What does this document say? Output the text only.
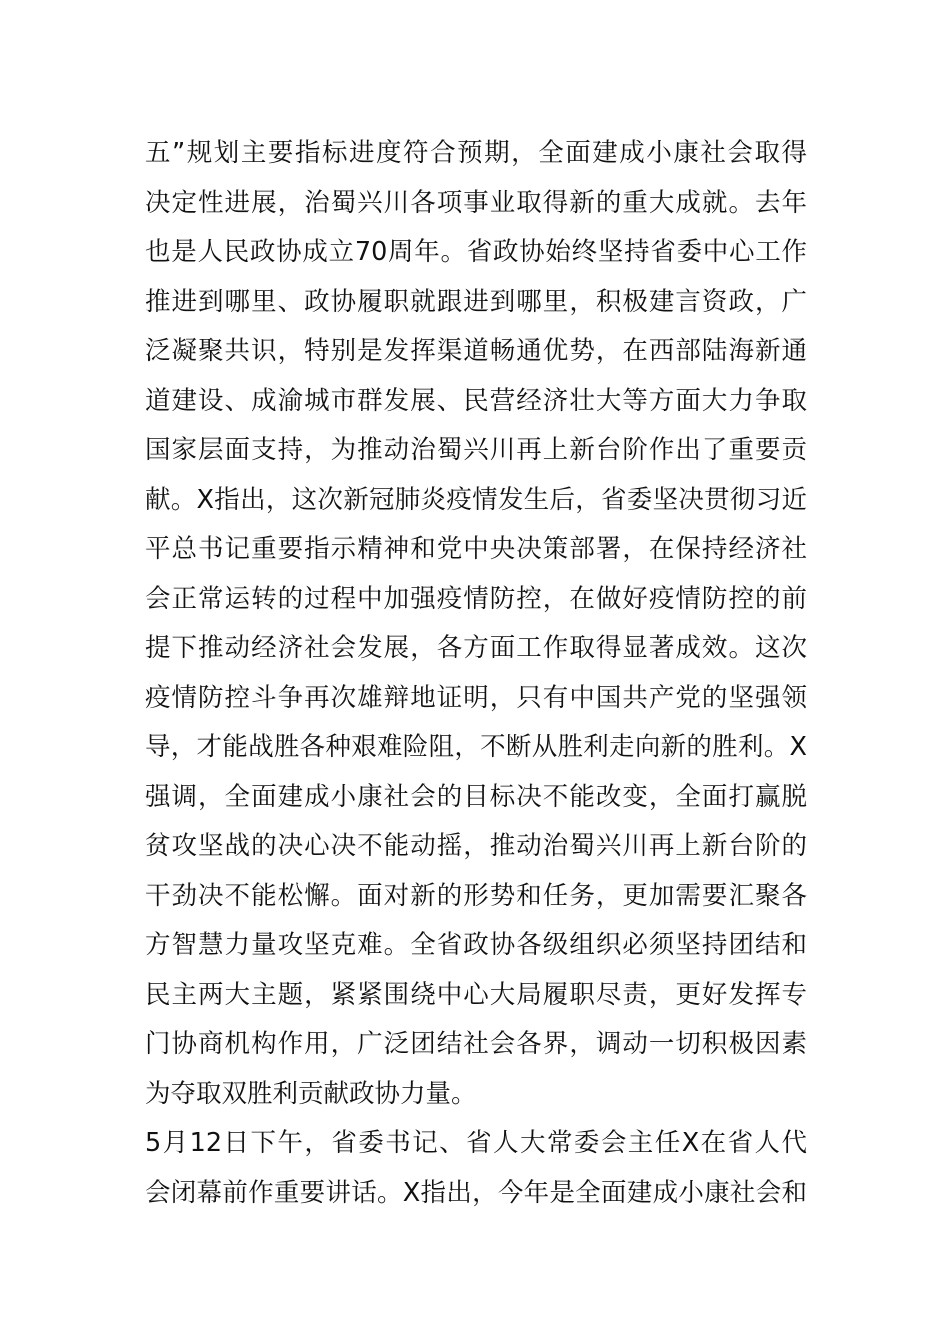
五”规划主要指标进度符合预期，全面建成小康社会取得
决定性进展，治蜀兴川各项事业取得新的重大成就。去年
也是人民政协成立70周年。省政协始终坚持省委中心工作
推进到哪里、政协履职就跟进到哪里，积极建言资政，广
泛凝聚共识，特别是发挥渠道畅通优势，在西部陆海新通
道建设、成渝城市群发展、民营经济壮大等方面大力争取
国家层面支持，为推动治蜀兴川再上新台阶作出了重要贡
献。X指出，这次新冠肺炎疫情发生后，省委坚决贯彻习近
平总书记重要指示精神和党中央决策部署，在保持经济社
会正常运转的过程中加强疫情防控，在做好疫情防控的前
提下推动经济社会发展，各方面工作取得显著成效。这次
疫情防控斗争再次雄辩地证明，只有中国共产党的坚强领
导，才能战胜各种艰难险阻，不断从胜利走向新的胜利。X
强调，全面建成小康社会的目标决不能改变，全面打赢脱
贫攻坚战的决心决不能动摇，推动治蜀兴川再上新台阶的
干劲决不能松懈。面对新的形势和任务，更加需要汇聚各
方智慧力量攻坚克难。全省政协各级组织必须坚持团结和
民主两大主题，紧紧围绕中心大局履职尽责，更好发挥专
门协商机构作用，广泛团结社会各界，调动一切积极因素
为夺取双胜利贡献政协力量。
5月12日下午，省委书记、省人大常委会主任X在省人代
会闭幕前作重要讲话。X指出，今年是全面建成小康社会和
